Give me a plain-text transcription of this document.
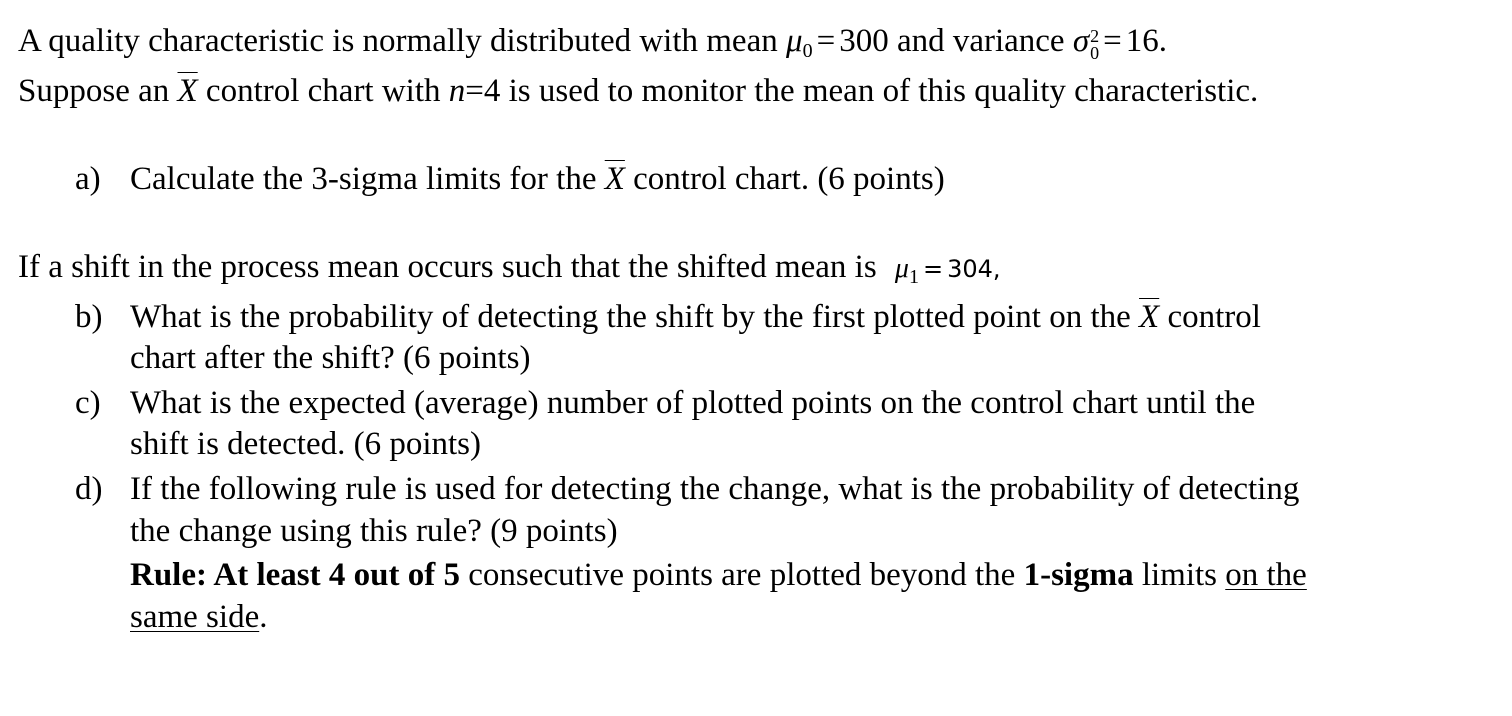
A quality characteristic is normally distributed with mean $\mu_0 = 300$ and variance σ 2
0 = 16.
Suppose an $\overline{X}$ control chart with n=4 is used to monitor the mean of this quality characteristic.
a) Calculate the 3-sigma limits for the $\overline{X}$ control chart. (6 points)
If a shift in the process mean occurs such that the shifted mean is $\mu_1 = 304$,
b) What is the probability of detecting the shift by the first plotted point on the $\overline{X}$ control
chart after the shift? (6 points)
c) What is the expected (average) number of plotted points on the control chart until the
shift is detected. (6 points)
d) If the following rule is used for detecting the change, what is the probability of detecting
the change using this rule? (9 points)
Rule: At least 4 out of 5 consecutive points are plotted beyond the 1-sigma limits on the
same side.
